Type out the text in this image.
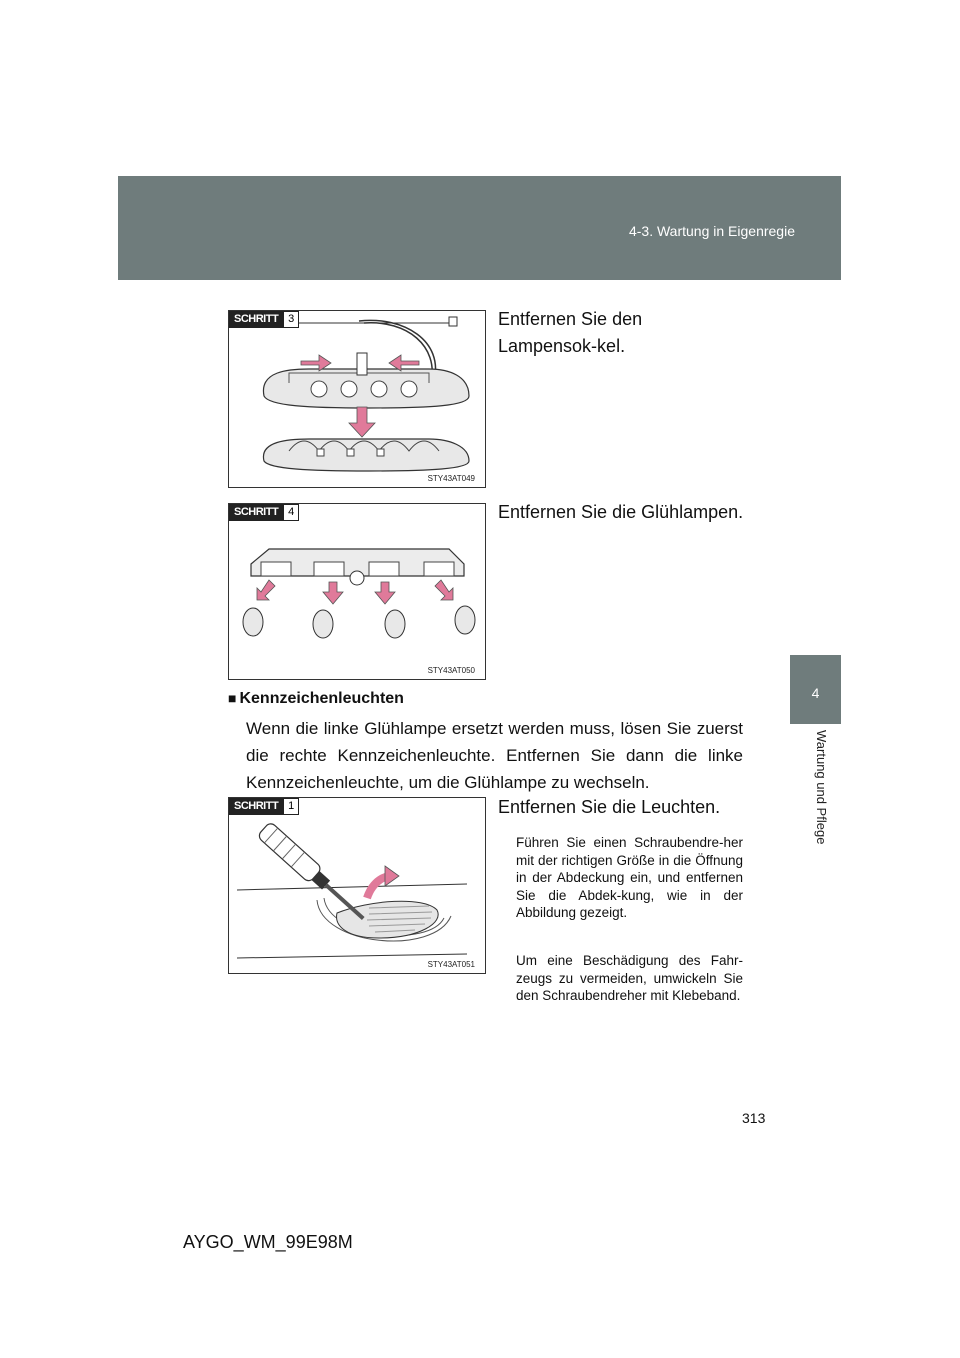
4-3. Wartung in Eigenregie
4
Wartung und Pflege
SCHRITT 3
STY43AT049
Entfernen Sie den Lampensok-kel.
SCHRITT 4
STY43AT050
Entfernen Sie die Glühlampen.
■ Kennzeichenleuchten
Wenn die linke Glühlampe ersetzt werden muss, lösen Sie zuerst die rechte Kennzeichenleuchte. Entfernen Sie dann die linke Kennzeichenleuchte, um die Glühlampe zu wechseln.
SCHRITT 1
STY43AT051
Entfernen Sie die Leuchten.
Führen Sie einen Schraubendre-her mit der richtigen Größe in die Öffnung in der Abdeckung ein, und entfernen Sie die Abdek-kung, wie in der Abbildung gezeigt.
Um eine Beschädigung des Fahr-zeugs zu vermeiden, umwickeln Sie den Schraubendreher mit Klebeband.
313
AYGO_WM_99E98M
